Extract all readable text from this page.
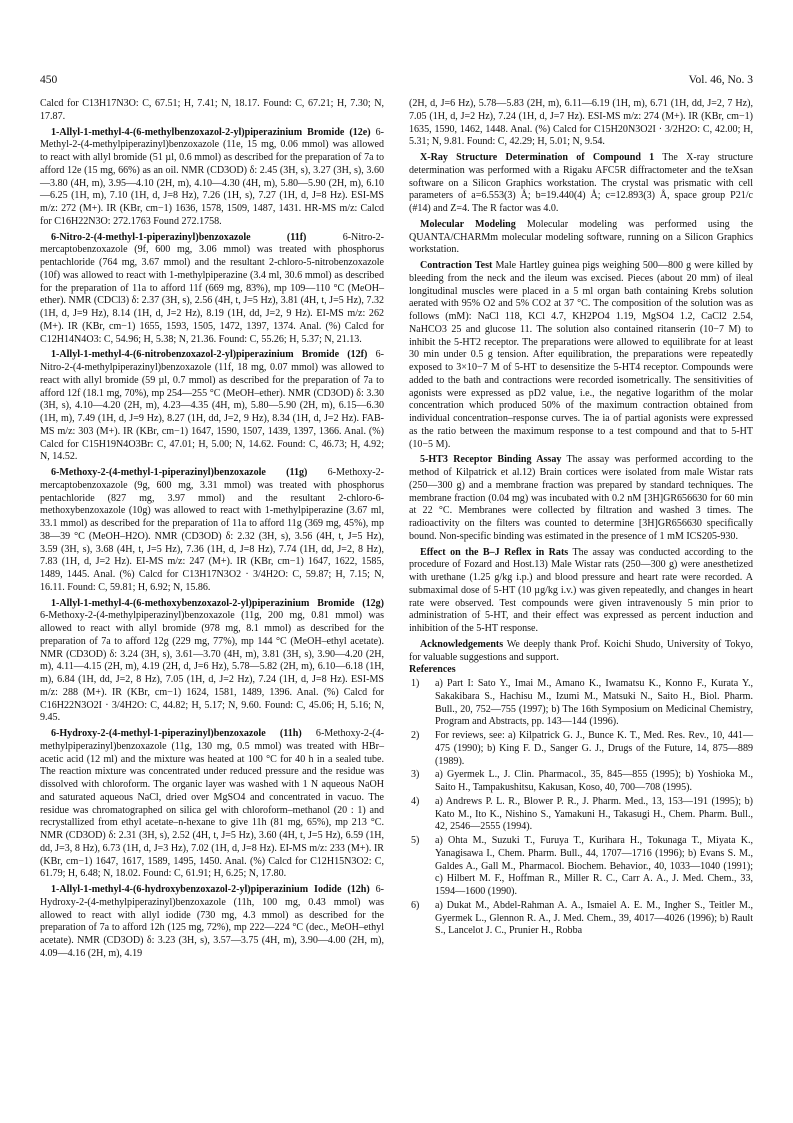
450	Vol. 46, No. 3

Calcd for C13H17N3O: C, 67.51; H, 7.41; N, 18.17. Found: C, 67.21; H, 7.30; N, 17.87.

1-Allyl-1-methyl-4-(6-methylbenzoxazol-2-yl)piperazinium Bromide (12e) 6-Methyl-2-(4-methylpiperazinyl)benzoxazole (11e, 15 mg, 0.06 mmol) was allowed to react with allyl bromide (51 µl, 0.6 mmol) as described for the preparation of 7a to afford 12e (15 mg, 66%) as an oil. NMR (CD3OD) δ: 2.45 (3H, s), 3.27 (3H, s), 3.60—3.80 (4H, m), 3.95—4.10 (2H, m), 4.10—4.30 (4H, m), 5.80—5.90 (2H, m), 6.10—6.25 (1H, m), 7.10 (1H, d, J=8 Hz), 7.26 (1H, s), 7.27 (1H, d, J=8 Hz). ESI-MS m/z: 272 (M+). IR (KBr, cm−1) 1636, 1578, 1509, 1487, 1431. HR-MS m/z: Calcd for C16H22N3O: 272.1763 Found 272.1758.

6-Nitro-2-(4-methyl-1-piperazinyl)benzoxazole (11f) 6-Nitro-2-mercaptobenzoxazole (9f, 600 mg, 3.06 mmol) was treated with phosphorus pentachloride (764 mg, 3.67 mmol) and the resultant 2-chloro-5-nitrobenzoxazole (10f) was allowed to react with 1-methylpiperazine (3.4 ml, 30.6 mmol) as described for the preparation of 11a to afford 11f (669 mg, 83%), mp 109—110 °C (MeOH–ether). NMR (CDCl3) δ: 2.37 (3H, s), 2.56 (4H, t, J=5 Hz), 3.81 (4H, t, J=5 Hz), 7.32 (1H, d, J=9 Hz), 8.14 (1H, d, J=2 Hz), 8.19 (1H, dd, J=2, 9 Hz). EI-MS m/z: 262 (M+). IR (KBr, cm−1) 1655, 1593, 1505, 1472, 1397, 1374. Anal. (%) Calcd for C12H14N4O3: C, 54.96; H, 5.38; N, 21.36. Found: C, 55.26; H, 5.37; N, 21.13.

1-Allyl-1-methyl-4-(6-nitrobenzoxazol-2-yl)piperazinium Bromide (12f) 6-Nitro-2-(4-methylpiperazinyl)benzoxazole (11f, 18 mg, 0.07 mmol) was allowed to react with allyl bromide (59 µl, 0.7 mmol) as described for the preparation of 7a to afford 12f (18.1 mg, 70%), mp 254—255 °C (MeOH–ether). NMR (CD3OD) δ: 3.30 (3H, s), 4.10—4.20 (2H, m), 4.23—4.35 (4H, m), 5.80—5.90 (2H, m), 6.15—6.30 (1H, m), 7.49 (1H, d, J=9 Hz), 8.27 (1H, dd, J=2, 9 Hz), 8.34 (1H, d, J=2 Hz). FAB-MS m/z: 303 (M+). IR (KBr, cm−1) 1647, 1590, 1507, 1439, 1397, 1366. Anal. (%) Calcd for C15H19N4O3Br: C, 47.01; H, 5.00; N, 14.62. Found: C, 46.73; H, 4.92; N, 14.52.

6-Methoxy-2-(4-methyl-1-piperazinyl)benzoxazole (11g) 6-Methoxy-2-mercaptobenzoxazole (9g, 600 mg, 3.31 mmol) was treated with phosphorus pentachloride (827 mg, 3.97 mmol) and the resultant 2-chloro-6-methoxybenzoxazole (10g) was allowed to react with 1-methylpiperazine (3.67 ml, 33.1 mmol) as described for the preparation of 11a to afford 11g (369 mg, 45%), mp 38—39 °C (MeOH–H2O). NMR (CD3OD) δ: 2.32 (3H, s), 3.56 (4H, t, J=5 Hz), 3.59 (3H, s), 3.68 (4H, t, J=5 Hz), 7.36 (1H, d, J=8 Hz), 7.74 (1H, dd, J=2, 8 Hz), 7.83 (1H, d, J=2 Hz). EI-MS m/z: 247 (M+). IR (KBr, cm−1) 1647, 1622, 1585, 1489, 1445. Anal. (%) Calcd for C13H17N3O2 · 3/4H2O: C, 59.87; H, 7.15; N, 16.11. Found: C, 59.81; H, 6.92; N, 15.86.

1-Allyl-1-methyl-4-(6-methoxybenzoxazol-2-yl)piperazinium Bromide (12g) 6-Methoxy-2-(4-methylpiperazinyl)benzoxazole (11g, 200 mg, 0.81 mmol) was allowed to react with allyl bromide (978 mg, 8.1 mmol) as described for the preparation of 7a to afford 12g (229 mg, 77%), mp 144 °C (MeOH–ethyl acetate). NMR (CD3OD) δ: 3.24 (3H, s), 3.61—3.70 (4H, m), 3.81 (3H, s), 3.90—4.20 (2H, m), 4.11—4.15 (2H, m), 4.19 (2H, d, J=6 Hz), 5.78—5.82 (2H, m), 6.10—6.18 (1H, m), 6.84 (1H, dd, J=2, 8 Hz), 7.05 (1H, d, J=2 Hz), 7.24 (1H, d, J=8 Hz). ESI-MS m/z: 288 (M+). IR (KBr, cm−1) 1624, 1581, 1489, 1396. Anal. (%) Calcd for C16H22N3O2I · 3/4H2O: C, 44.82; H, 5.17; N, 9.60. Found: C, 45.06; H, 5.16; N, 9.45.

6-Hydroxy-2-(4-methyl-1-piperazinyl)benzoxazole (11h) 6-Methoxy-2-(4-methylpiperazinyl)benzoxazole (11g, 130 mg, 0.5 mmol) was treated with HBr–acetic acid (12 ml) and the mixture was heated at 100 °C for 40 h in a sealed tube. The reaction mixture was concentrated under reduced pressure and the residue was dissolved with chloroform. The organic layer was washed with 1 N aqueous NaOH and saturated aqueous NaCl, dried over MgSO4 and concentrated in vacuo. The residue was chromatographed on silica gel with chloroform–methanol (20 : 1) and recrystallized from ethyl acetate–n-hexane to give 11h (81 mg, 65%), mp 213 °C. NMR (CD3OD) δ: 2.31 (3H, s), 2.52 (4H, t, J=5 Hz), 3.60 (4H, t, J=5 Hz), 6.59 (1H, dd, J=3, 8 Hz), 6.73 (1H, d, J=3 Hz), 7.02 (1H, d, J=8 Hz). EI-MS m/z: 233 (M+). IR (KBr, cm−1) 1647, 1617, 1589, 1495, 1450. Anal. (%) Calcd for C12H15N3O2: C, 61.79; H, 6.48; N, 18.02. Found: C, 61.91; H, 6.25; N, 17.80.

1-Allyl-1-methyl-4-(6-hydroxybenzoxazol-2-yl)piperazinium Iodide (12h) 6-Hydroxy-2-(4-methylpiperazinyl)benzoxazole (11h, 100 mg, 0.43 mmol) was allowed to react with allyl iodide (730 mg, 4.3 mmol) as described for the preparation of 7a to afford 12h (125 mg, 72%), mp 222—224 °C (dec., MeOH–ethyl acetate). NMR (CD3OD) δ: 3.23 (3H, s), 3.57—3.75 (4H, m), 3.90—4.00 (2H, m), 4.09—4.16 (2H, m), 4.19

(2H, d, J=6 Hz), 5.78—5.83 (2H, m), 6.11—6.19 (1H, m), 6.71 (1H, dd, J=2, 7 Hz), 7.05 (1H, d, J=2 Hz), 7.24 (1H, d, J=7 Hz). ESI-MS m/z: 274 (M+). IR (KBr, cm−1) 1635, 1590, 1462, 1448. Anal. (%) Calcd for C15H20N3O2I · 3/2H2O: C, 42.00; H, 5.31; N, 9.81. Found: C, 42.29; H, 5.01; N, 9.54.

X-Ray Structure Determination of Compound 1 The X-ray structure determination was performed with a Rigaku AFC5R diffractometer and the teXsan software on a Silicon Graphics workstation. The crystal was prismatic with cell parameters of a=6.553(3) Å; b=19.440(4) Å; c=12.893(3) Å, space group P21/c (#14) and Z=4. The R factor was 4.0.

Molecular Modeling Molecular modeling was performed using the QUANTA/CHARMm molecular modeling software, running on a Silicon Graphics workstation.

Contraction Test Male Hartley guinea pigs weighing 500—800 g were killed by bleeding from the neck and the ileum was excised. Pieces (about 20 mm) of ileal longitudinal muscles were placed in a 5 ml organ bath containing Krebs solution aerated with 95% O2 and 5% CO2 at 37 °C. The composition of the solution was as follows (mM): NaCl 118, KCl 4.7, KH2PO4 1.19, MgSO4 1.2, CaCl2 2.54, NaHCO3 25 and glucose 11. The solution also contained ritanserin (10−7 M) to inhibit the 5-HT2 receptor. The preparations were allowed to equilibrate for at least 30 min under 0.5 g tension. After equilibration, the preparations were repeatedly exposed to 3×10−7 M of 5-HT to desensitize the 5-HT4 receptor. Compounds were added to the bath and contractions were recorded isometrically. The sensitivities of agonists were expressed as pD2 value, i.e., the negative logarithm of the molar concentration which produced 50% of the maximum contraction obtained from individual concentration–response curves. The ia of partial agonists were expressed as the ratio between the maximum response to a test compound and that to 5-HT (10−5 M).

5-HT3 Receptor Binding Assay The assay was performed according to the method of Kilpatrick et al.12) Brain cortices were isolated from male Wistar rats (250—300 g) and a membrane fraction was prepared by standard techniques. The membrane fraction (0.04 mg) was incubated with 0.2 nM [3H]GR656630 for 60 min at 22 °C. Membranes were collected by filtration and washed 3 times. The radioactivity on the filters was counted to determine [3H]GR656630 specifically bound. Non-specific binding was estimated in the presence of 1 mM ICS205-930.

Effect on the B–J Reflex in Rats The assay was conducted according to the procedure of Fozard and Host.13) Male Wistar rats (250—300 g) were anesthetized with urethane (1.25 g/kg i.p.) and blood pressure and heart rate were recorded. A submaximal dose of 5-HT (10 µg/kg i.v.) was given repeatedly, and changes in heart rate were observed. Test compounds were given intravenously 5 min prior to administration of 5-HT, and their effect was expressed as percent induction and inhibition of the 5-HT response.

Acknowledgements We deeply thank Prof. Koichi Shudo, University of Tokyo, for valuable suggestions and support.

References

1)	a) Part I: Sato Y., Imai M., Amano K., Iwamatsu K., Konno F., Kurata Y., Sakakibara S., Hachisu M., Izumi M., Matsuki N., Saito H., Biol. Pharm. Bull., 20, 752—755 (1997); b) The 16th Symposium on Medicinal Chemistry, Program and Abstracts, pp. 143—144 (1996).
2)	For reviews, see: a) Kilpatrick G. J., Bunce K. T., Med. Res. Rev., 10, 441—475 (1990); b) King F. D., Sanger G. J., Drugs of the Future, 14, 875—889 (1989).
3)	a) Gyermek L., J. Clin. Pharmacol., 35, 845—855 (1995); b) Yoshioka M., Saito H., Tampakushitsu, Kakusan, Koso, 40, 700—708 (1995).
4)	a) Andrews P. L. R., Blower P. R., J. Pharm. Med., 13, 153—191 (1995); b) Kato M., Ito K., Nishino S., Yamakuni H., Takasugi H., Chem. Pharm. Bull., 42, 2546—2555 (1994).
5)	a) Ohta M., Suzuki T., Furuya T., Kurihara H., Tokunaga T., Miyata K., Yanagisawa I., Chem. Pharm. Bull., 44, 1707—1716 (1996); b) Evans S. M., Galdes A., Gall M., Pharmacol. Biochem. Behavior., 40, 1033—1040 (1991); c) Hilbert M. F., Hoffman R., Miller R. C., Carr A. A., J. Med. Chem., 33, 1594—1600 (1990).
6)	a) Dukat M., Abdel-Rahman A. A., Ismaiel A. E. M., Ingher S., Teitler M., Gyermek L., Glennon R. A., J. Med. Chem., 39, 4017—4026 (1996); b) Rault S., Lancelot J. C., Prunier H., Robba
